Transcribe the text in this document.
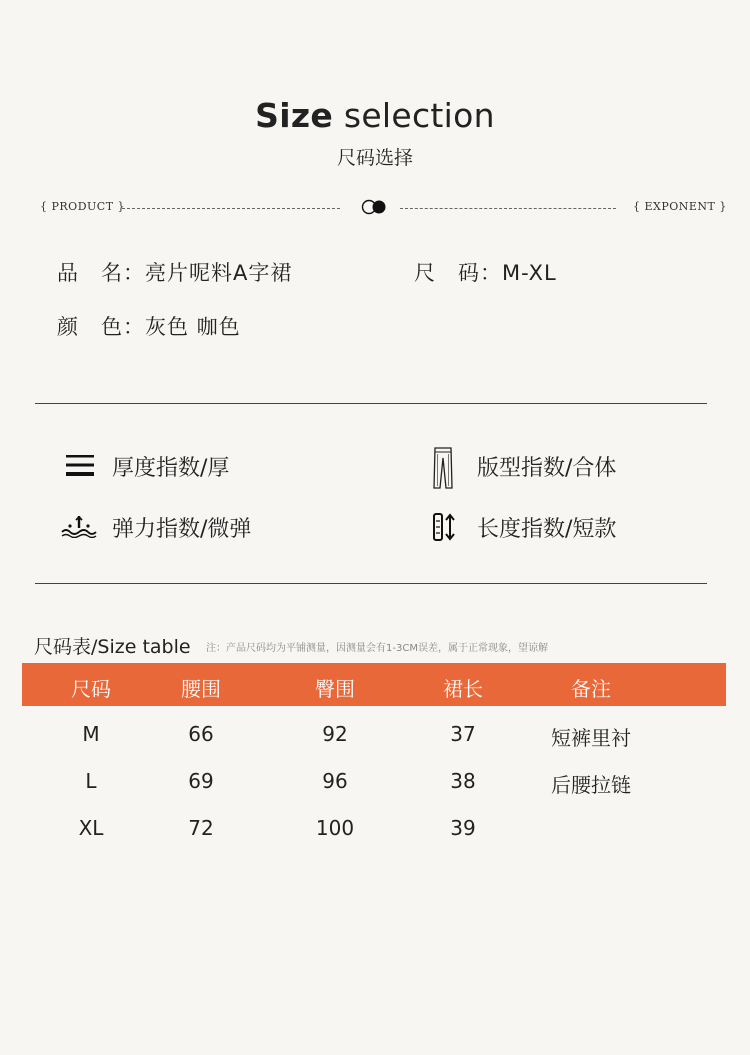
Size selection
尺码选择
{ PRODUCT }	{ EXPONENT }
品　名：亮片呢料A字裙	尺　码：M-XL
颜　色：灰色 咖色
厚度指数/厚	版型指数/合体
弹力指数/微弹	长度指数/短款
尺码表/Size table 注：产品尺码均为平铺测量，因测量会有1-3CM误差，属于正常现象，望谅解
尺码	腰围	臀围	裙长	备注
M	66	92	37	短裤里衬
L	69	96	38	后腰拉链
XL	72	100	39
